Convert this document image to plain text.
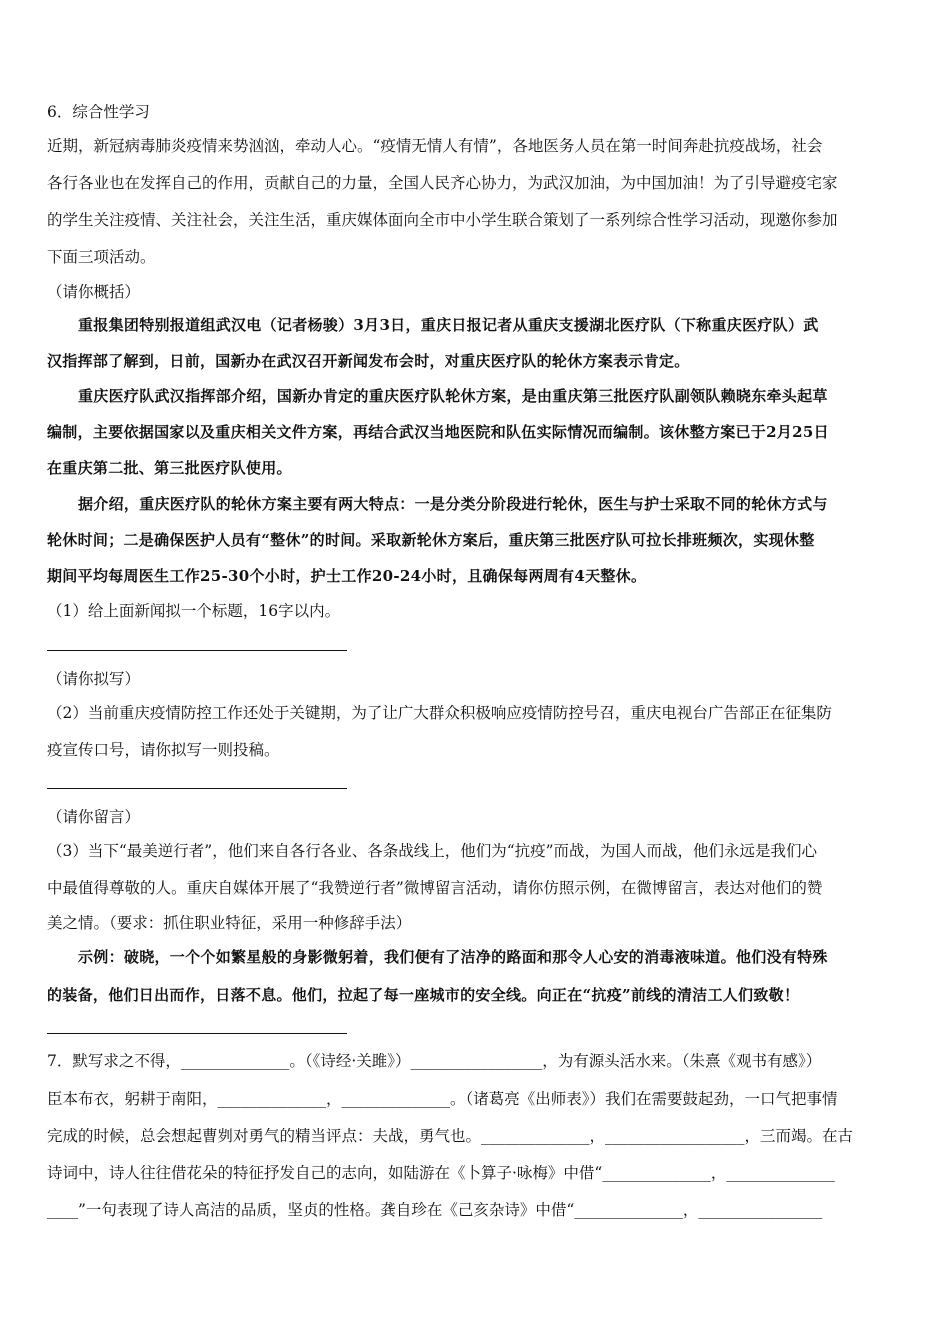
6．综合性学习
近期，新冠病毒肺炎疫情来势汹汹，牵动人心。“疫情无情人有情”，各地医务人员在第一时间奔赴抗疫战场，社会
各行各业也在发挥自己的作用，贡献自己的力量，全国人民齐心协力，为武汉加油，为中国加油！为了引导避疫宅家
的学生关注疫情、关注社会，关注生活，重庆媒体面向全市中小学生联合策划了一系列综合性学习活动，现邀你参加
下面三项活动。
（请你概括）
重报集团特别报道组武汉电（记者杨骏）3月3日，重庆日报记者从重庆支援湖北医疗队（下称重庆医疗队）武
汉指挥部了解到，日前，国新办在武汉召开新闻发布会时，对重庆医疗队的轮休方案表示肯定。
重庆医疗队武汉指挥部介绍，国新办肯定的重庆医疗队轮休方案，是由重庆第三批医疗队副领队赖晓东牵头起草
编制，主要依据国家以及重庆相关文件方案，再结合武汉当地医院和队伍实际情况而编制。该休整方案已于2月25日
在重庆第二批、第三批医疗队使用。
据介绍，重庆医疗队的轮休方案主要有两大特点：一是分类分阶段进行轮休，医生与护士采取不同的轮休方式与
轮休时间；二是确保医护人员有“整休”的时间。采取新轮休方案后，重庆第三批医疗队可拉长排班频次，实现休整
期间平均每周医生工作25-30个小时，护士工作20-24小时，且确保每两周有4天整休。
（1）给上面新闻拟一个标题，16字以内。
（请你拟写）
（2）当前重庆疫情防控工作还处于关键期，为了让广大群众积极响应疫情防控号召，重庆电视台广告部正在征集防
疫宣传口号，请你拟写一则投稿。
（请你留言）
（3）当下“最美逆行者”，他们来自各行各业、各条战线上，他们为“抗疫”而战，为国人而战，他们永远是我们心
中最值得尊敬的人。重庆自媒体开展了“我赞逆行者”微博留言活动，请你仿照示例，在微博留言，表达对他们的赞
美之情。（要求：抓住职业特征，采用一种修辞手法）
示例：破晓，一个个如繁星般的身影微躬着，我们便有了洁净的路面和那令人心安的消毒液味道。他们没有特殊
的装备，他们日出而作，日落不息。他们，拉起了每一座城市的安全线。向正在“抗疫”前线的清洁工人们致敬！
7．默写求之不得，______________。（《诗经·关雎》）_________________，为有源头活水来。（朱熹《观书有感》）
臣本布衣，躬耕于南阳，______________，______________。（诸葛亮《出师表》）我们在需要鼓起劲，一口气把事情
完成的时候，总会想起曹刿对勇气的精当评点：夫战，勇气也。______________，__________________，三而竭。在古
诗词中，诗人往往借花朵的特征抒发自己的志向，如陆游在《卜算子·咏梅》中借“______________，______________
____”一句表现了诗人高洁的品质，坚贞的性格。龚自珍在《己亥杂诗》中借“______________，________________
